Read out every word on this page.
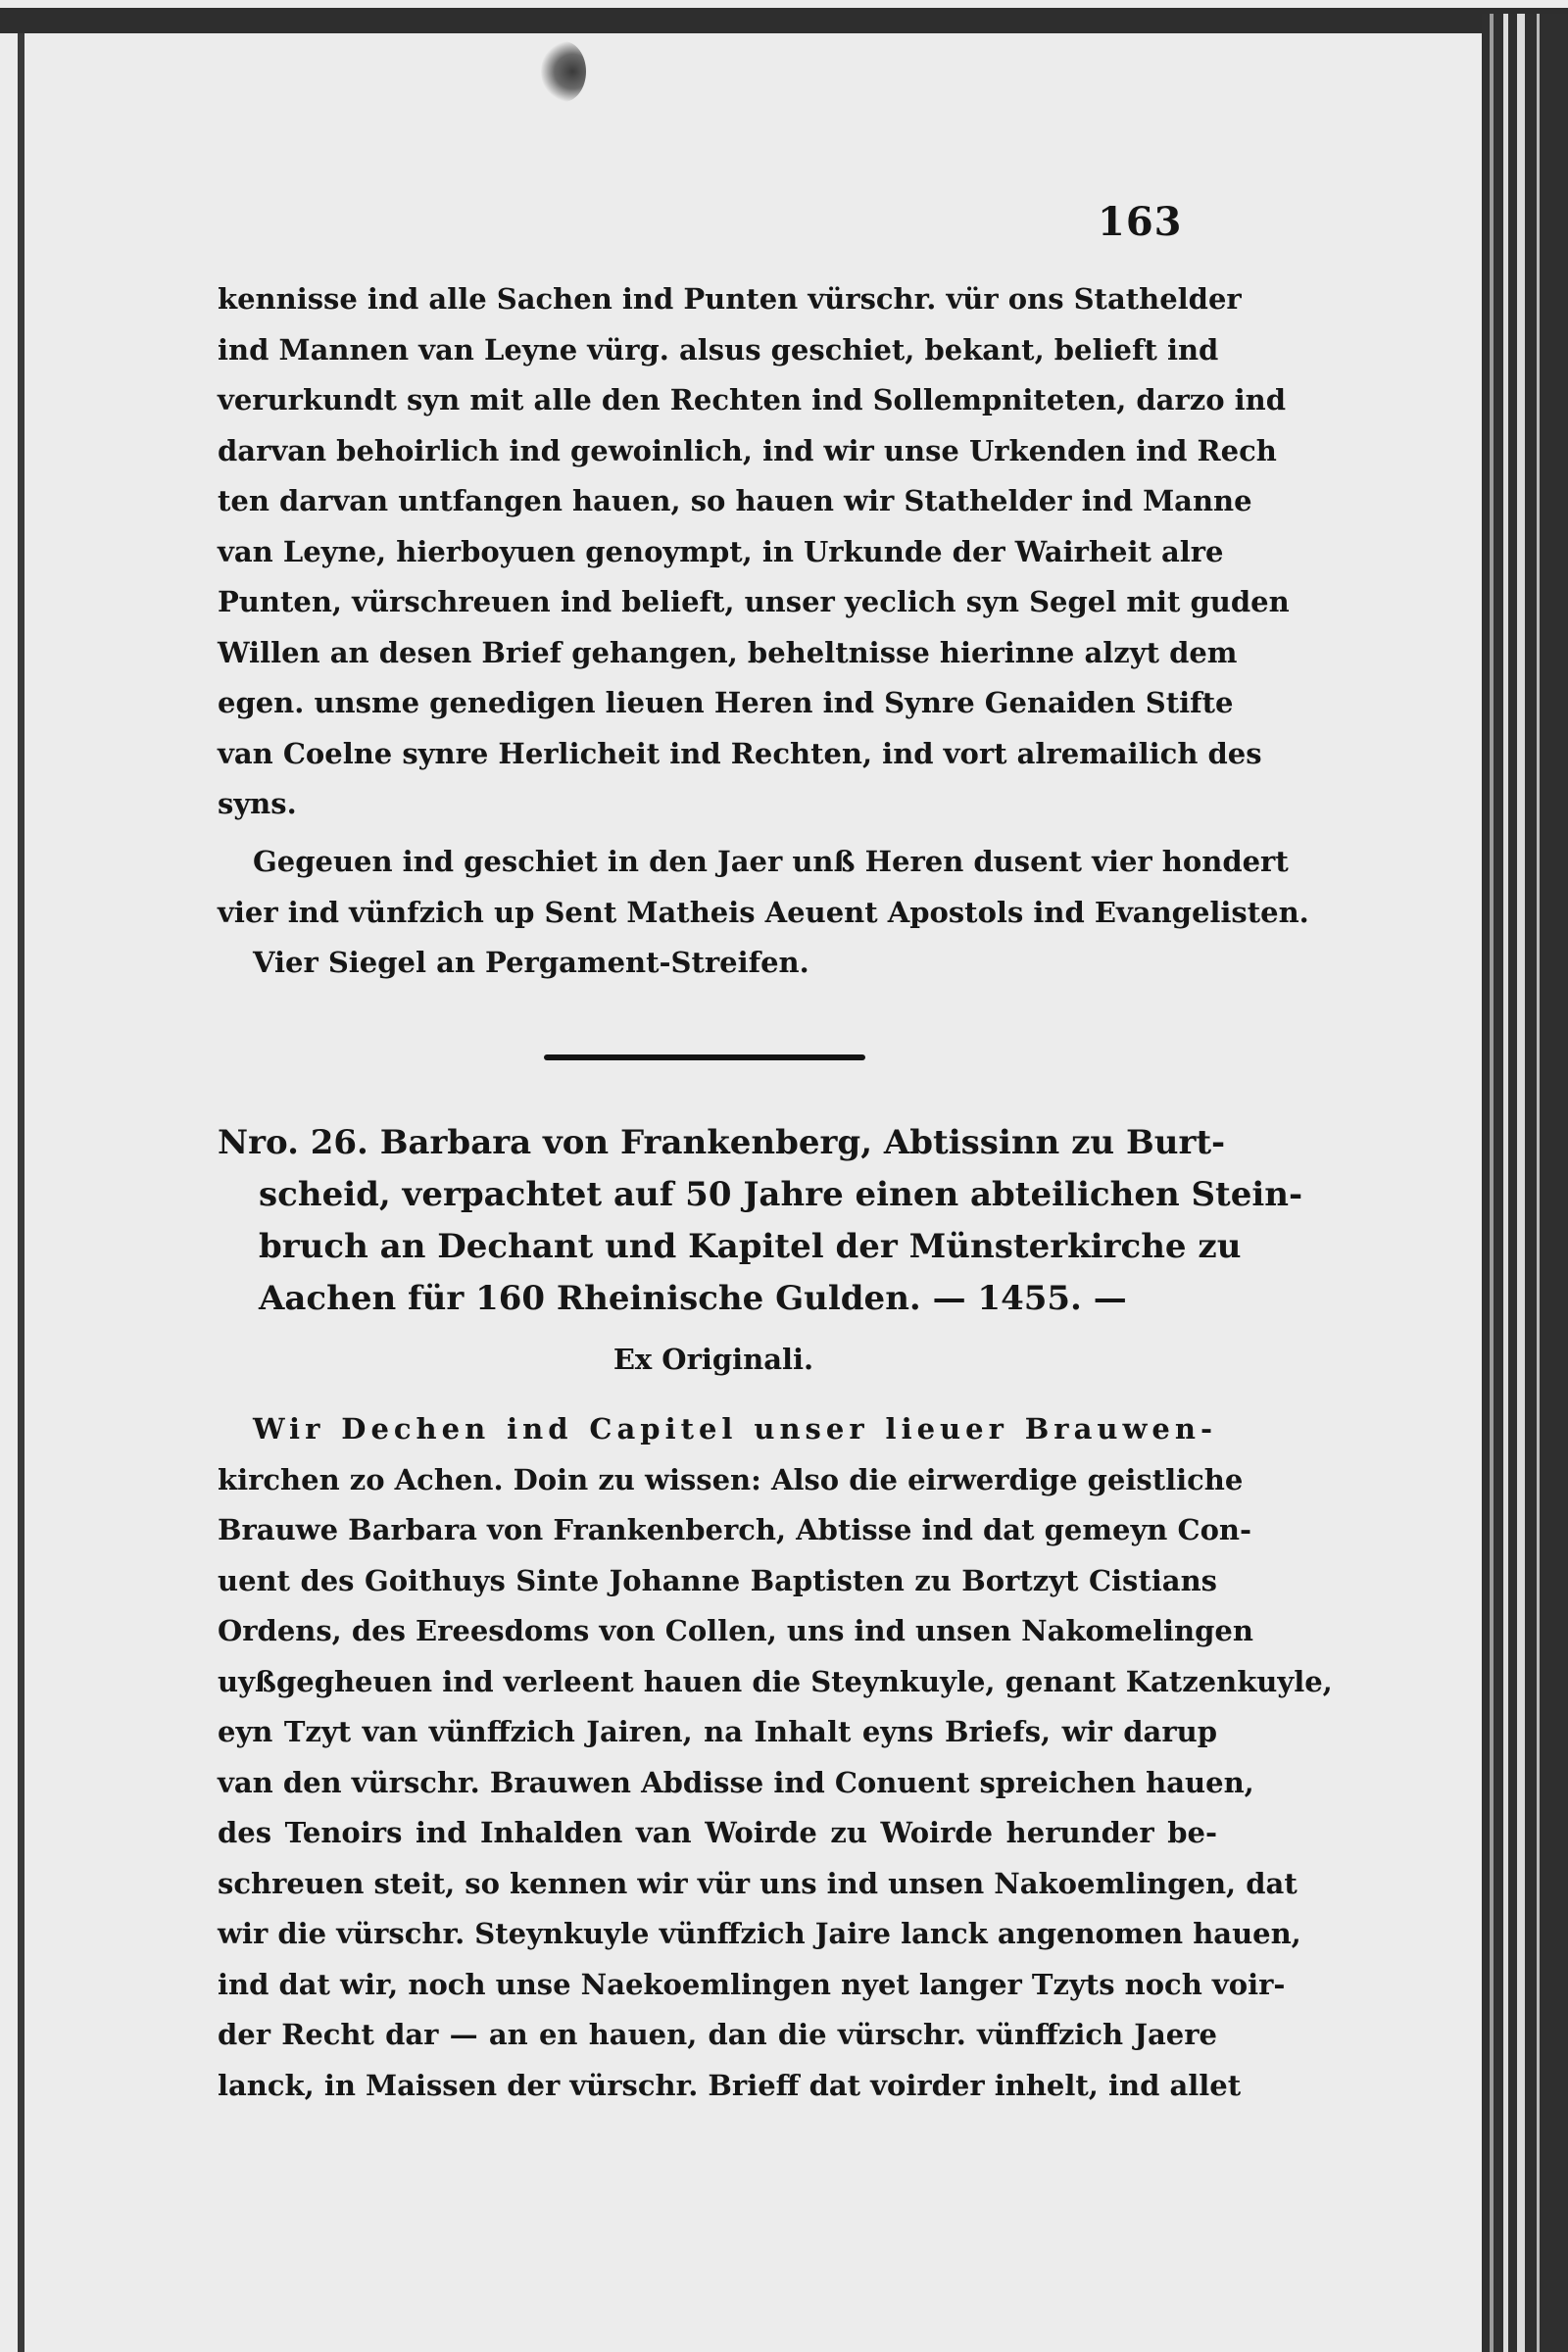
163
kennisse ind alle Sachen ind Punten vürschr. vür ons Stathelder
ind Mannen van Leyne vürg. alsus geschiet, bekant, belieft ind
verurkundt syn mit alle den Rechten ind Sollempniteten, darzo ind
darvan behoirlich ind gewoinlich, ind wir unse Urkenden ind Rech
ten darvan untfangen hauen, so hauen wir Stathelder ind Manne
van Leyne, hierboyuen genoympt, in Urkunde der Wairheit alre
Punten, vürschreuen ind belieft, unser yeclich syn Segel mit guden
Willen an desen Brief gehangen, beheltnisse hierinne alzyt dem
egen. unsme genedigen lieuen Heren ind Synre Genaiden Stifte
van Coelne synre Herlicheit ind Rechten, ind vort alremailich des
syns.
Gegeuen ind geschiet in den Jaer unß Heren dusent vier hondert
vier ind vünfzich up Sent Matheis Aeuent Apostols ind Evangelisten.
Vier Siegel an Pergament-Streifen.
Nro. 26. Barbara von Frankenberg, Abtissinn zu Burt-
scheid, verpachtet auf 50 Jahre einen abteilichen Stein-
bruch an Dechant und Kapitel der Münsterkirche zu
Aachen für 160 Rheinische Gulden. — 1455. —
Ex Originali.
Wir Dechen ind Capitel unser lieuer Brauwen-
kirchen zo Achen. Doin zu wissen: Also die eirwerdige geistliche
Brauwe Barbara von Frankenberch, Abtisse ind dat gemeyn Con-
uent des Goithuys Sinte Johanne Baptisten zu Bortzyt Cistians
Ordens, des Ereesdoms von Collen, uns ind unsen Nakomelingen
uyßgegheuen ind verleent hauen die Steynkuyle, genant Katzenkuyle,
eyn Tzyt van vünffzich Jairen, na Inhalt eyns Briefs, wir darup
van den vürschr. Brauwen Abdisse ind Conuent spreichen hauen,
des Tenoirs ind Inhalden van Woirde zu Woirde herunder be-
schreuen steit, so kennen wir vür uns ind unsen Nakoemlingen, dat
wir die vürschr. Steynkuyle vünffzich Jaire lanck angenomen hauen,
ind dat wir, noch unse Naekoemlingen nyet langer Tzyts noch voir-
der Recht dar — an en hauen, dan die vürschr. vünffzich Jaere
lanck, in Maissen der vürschr. Brieff dat voirder inhelt, ind allet
